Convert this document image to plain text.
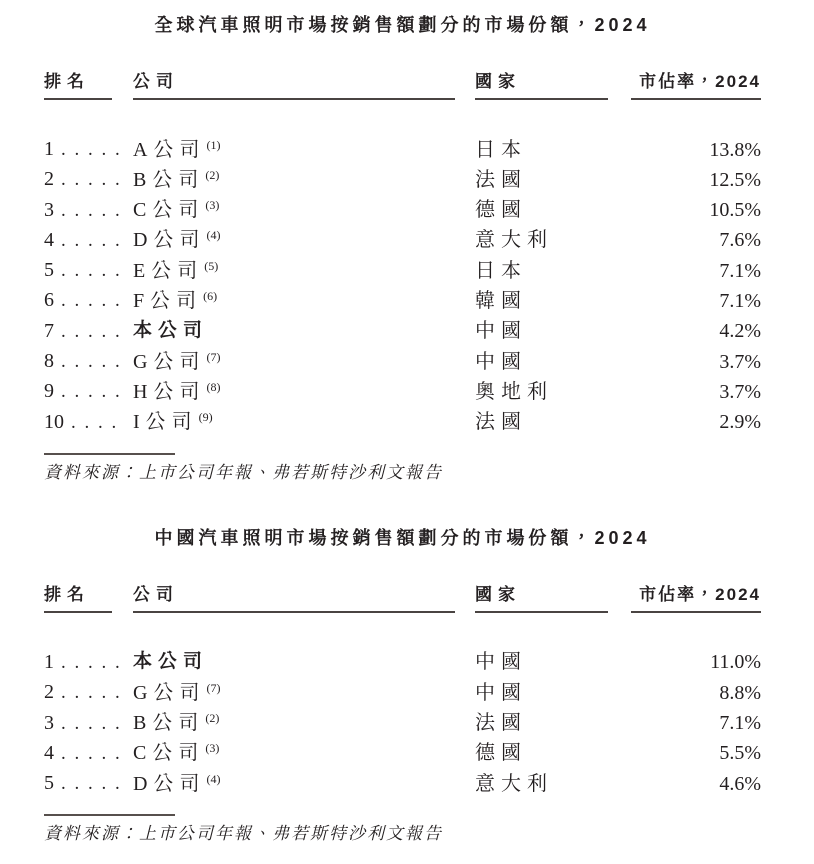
全球汽車照明市場按銷售額劃分的市場份額，2024
排名	公司	國家	市佔率，2024
1 . . . . . A公司$^{(1)}$	日本	13.8%
2 . . . . . B公司$^{(2)}$	法國	12.5%
3 . . . . . C公司$^{(3)}$	德國	10.5%
4 . . . . . D公司$^{(4)}$	意大利	7.6%
5 . . . . . E公司$^{(5)}$	日本	7.1%
6 . . . . . F公司$^{(6)}$	韓國	7.1%
7 . . . . . 本公司	中國	4.2%
8 . . . . . G公司$^{(7)}$	中國	3.7%
9 . . . . . H公司$^{(8)}$	奧地利	3.7%
10 . . . . I公司$^{(9)}$	法國	2.9%
資料來源：上市公司年報、弗若斯特沙利文報告
中國汽車照明市場按銷售額劃分的市場份額，2024
排名	公司	國家	市佔率，2024
1 . . . . . 本公司	中國	11.0%
2 . . . . . G公司$^{(7)}$	中國	8.8%
3 . . . . . B公司$^{(2)}$	法國	7.1%
4 . . . . . C公司$^{(3)}$	德國	5.5%
5 . . . . . D公司$^{(4)}$	意大利	4.6%
資料來源：上市公司年報、弗若斯特沙利文報告
